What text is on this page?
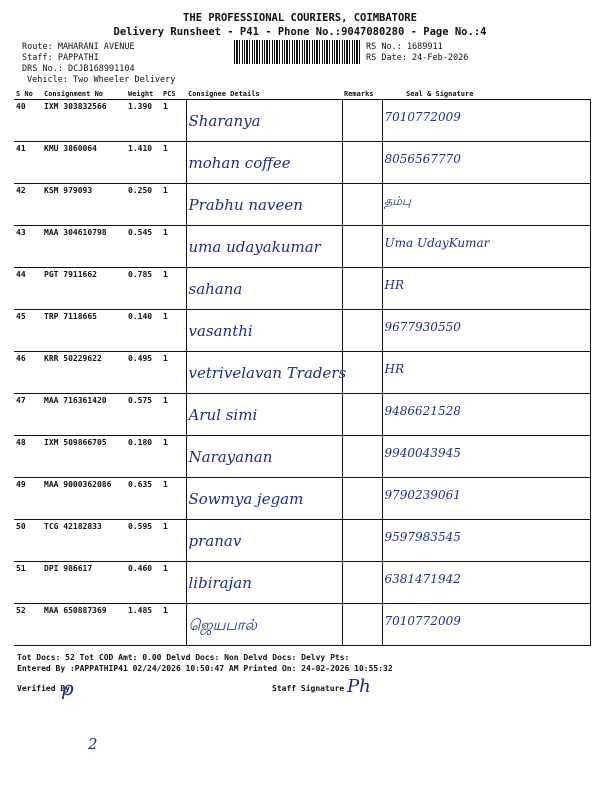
THE PROFESSIONAL COURIERS, COIMBATORE
Delivery Runsheet - P41 - Phone No.:9047080280 - Page No.:4
Route: MAHARANI AVENUE
Staff: PAPPATHI
DRS No.: DCJB168991104
Vehicle: Two Wheeler Delivery
RS No.: 1689911
RS Date: 24-Feb-2026
S No	Consignment No	Weight	PCS	Consignee Details	Remarks	Seal & Signature
40	IXM 303832566	1.390	1	Sharanya		7010772009

41	KMU 3860064	1.410	1	mohan coffee		8056567770

42	KSM 979093	0.250	1	Prabhu naveen		தம்பு

43	MAA 304610798	0.545	1	uma udayakumar		Uma UdayKumar

44	PGT 7911662	0.785	1	sahana		HR

45	TRP 7118665	0.140	1	vasanthi		9677930550

46	KRR 50229622	0.495	1	vetrivelavan Traders		HR

47	MAA 716361420	0.575	1	Arul simi		9486621528

48	IXM 509866705	0.180	1	Narayanan		9940043945

49	MAA 9000362086	0.635	1	Sowmya jegam		9790239061

50	TCG 42182833	0.595	1	pranav		9597983545

51	DPI 986617	0.460	1	libirajan		6381471942

52	MAA 650887369	1.485	1	ஜெயபால்		7010772009
Tot Docs: 52 Tot COD Amt: 0.00 Delvd Docs: Non Delvd Docs: Delvy Pts:
Entered By :PAPPATHIP41 02/24/2026 10:50:47 AM Printed On: 24-02-2026 10:55:32
Verified By
ρ	Staff Signature Ph
2
